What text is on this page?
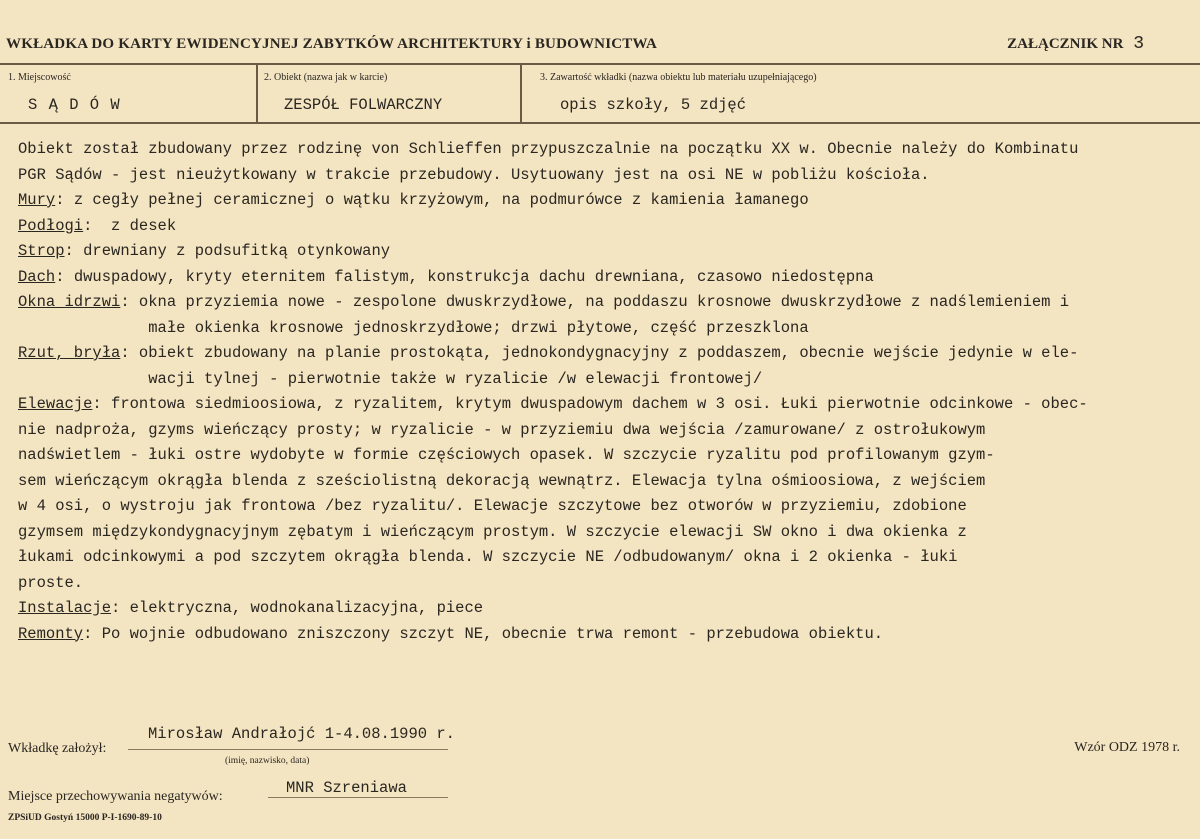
WKŁADKA DO KARTY EWIDENCYJNEJ ZABYTKÓW ARCHITEKTURY i BUDOWNICTWA	ZAŁĄCZNIK NR 3
1. Miejscowość
S Ą D Ó W
2. Obiekt (nazwa jak w karcie)
ZESPÓŁ FOLWARCZNY
3. Zawartość wkładki (nazwa obiektu lub materiału uzupełniającego)
opis szkoły, 5 zdjęć
Obiekt został zbudowany przez rodzinę von Schlieffen przypuszczalnie na początku XX w. Obecnie należy do Kombinatu
PGR Sądów - jest nieużytkowany w trakcie przebudowy. Usytuowany jest na osi NE w pobliżu kościoła.
Mury: z cegły pełnej ceramicznej o wątku krzyżowym, na podmurówce z kamienia łamanego
Podłogi:  z desek
Strop: drewniany z podsufitką otynkowany
Dach: dwuspadowy, kryty eternitem falistym, konstrukcja dachu drewniana, czasowo niedostępna
Okna idrzwi: okna przyziemia nowe - zespolone dwuskrzydłowe, na poddaszu krosnowe dwuskrzydłowe z nadślemieniem i
małe okienka krosnowe jednoskrzydłowe; drzwi płytowe, część przeszklona
Rzut, bryła: obiekt zbudowany na planie prostokąta, jednokondygnacyjny z poddaszem, obecnie wejście jedynie w ele-
wacji tylnej - pierwotnie także w ryzalicie /w elewacji frontowej/
Elewacje: frontowa siedmioosiowa, z ryzalitem, krytym dwuspadowym dachem w 3 osi. Łuki pierwotnie odcinkowe - obec-
nie nadproża, gzyms wieńczący prosty; w ryzalicie - w przyziemiu dwa wejścia /zamurowane/ z ostrołukowym
nadświetlem - łuki ostre wydobyte w formie częściowych opasek. W szczycie ryzalitu pod profilowanym gzym-
sem wieńczącym okrągła blenda z sześciolistną dekoracją wewnątrz. Elewacja tylna ośmioosiowa, z wejściem
w 4 osi, o wystroju jak frontowa /bez ryzalitu/. Elewacje szczytowe bez otworów w przyziemiu, zdobione
gzymsem międzykondygnacyjnym zębatym i wieńczącym prostym. W szczycie elewacji SW okno i dwa okienka z
łukami odcinkowymi a pod szczytem okrągła blenda. W szczycie NE /odbudowanym/ okna i 2 okienka - łuki
proste.
Instalacje: elektryczna, wodnokanalizacyjna, piece
Remonty: Po wojnie odbudowano zniszczony szczyt NE, obecnie trwa remont - przebudowa obiektu.
Wkładkę założył:
Mirosław Andrałojć 1-4.08.1990 r.
(imię, nazwisko, data)
Wzór ODZ 1978 r.
Miejsce przechowywania negatywów:	MNR Szreniawa
ZPSiUD Gostyń 15000 P-I-1690-89-10
